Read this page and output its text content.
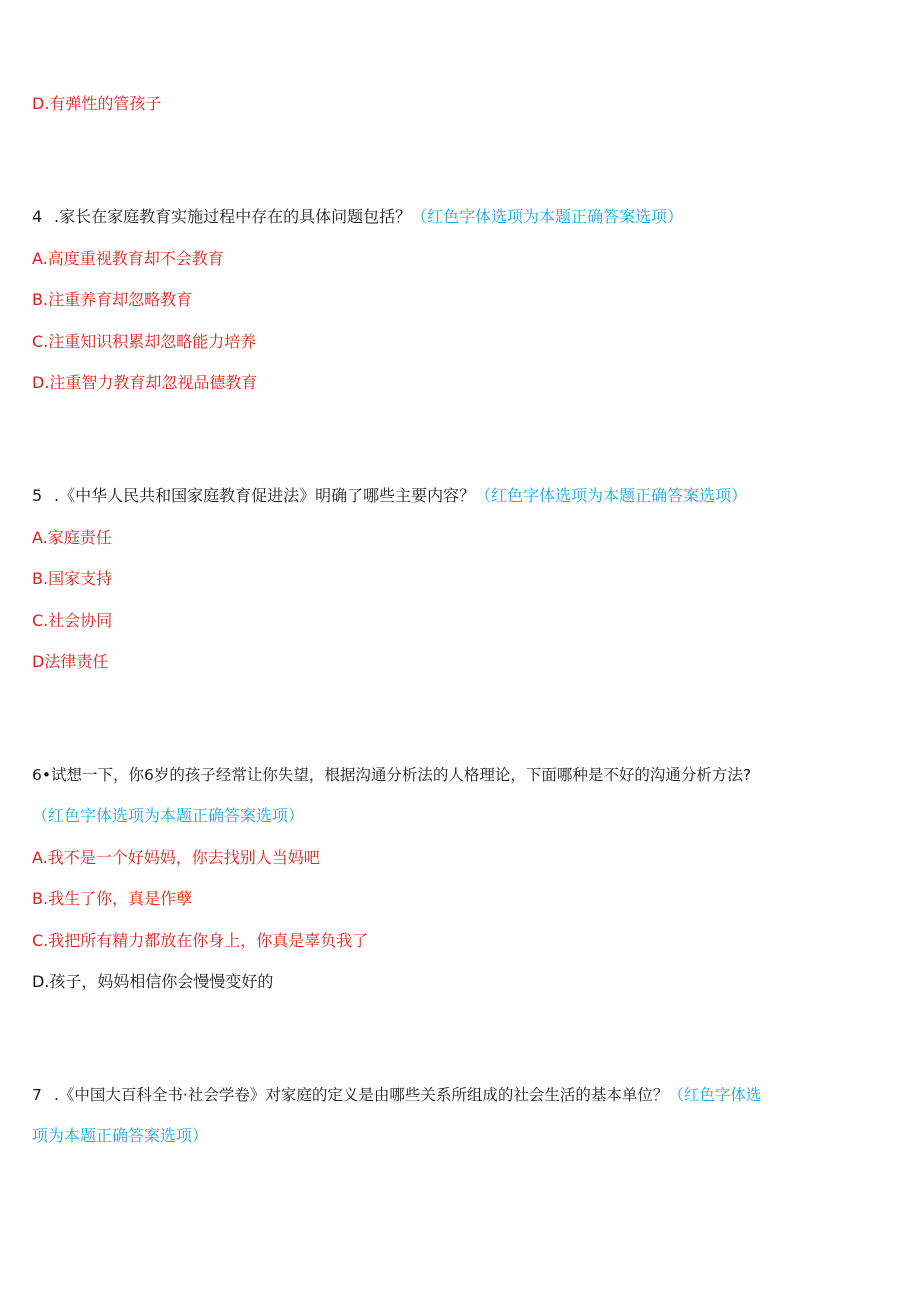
D.有弹性的管孩子
4 .家长在家庭教育实施过程中存在的具体问题包括？（红色字体选项为本题正确答案选项）
A.高度重视教育却不会教育
B.注重养育却忽略教育
C.注重知识积累却忽略能力培养
D.注重智力教育却忽视品德教育
5 .《中华人民共和国家庭教育促进法》明确了哪些主要内容？（红色字体选项为本题正确答案选项）
A.家庭责任
B.国家支持
C.社会协同
D法律责任
6•试想一下，你6岁的孩子经常让你失望，根据沟通分析法的人格理论，下面哪种是不好的沟通分析方法?
（红色字体选项为本题正确答案选项）
A.我不是一个好妈妈，你去找别人当妈吧
B.我生了你，真是作孽
C.我把所有精力都放在你身上，你真是辜负我了
D.孩子，妈妈相信你会慢慢变好的
7 .《中国大百科全书·社会学卷》对家庭的定义是由哪些关系所组成的社会生活的基本单位？（红色字体选
项为本题正确答案选项）
